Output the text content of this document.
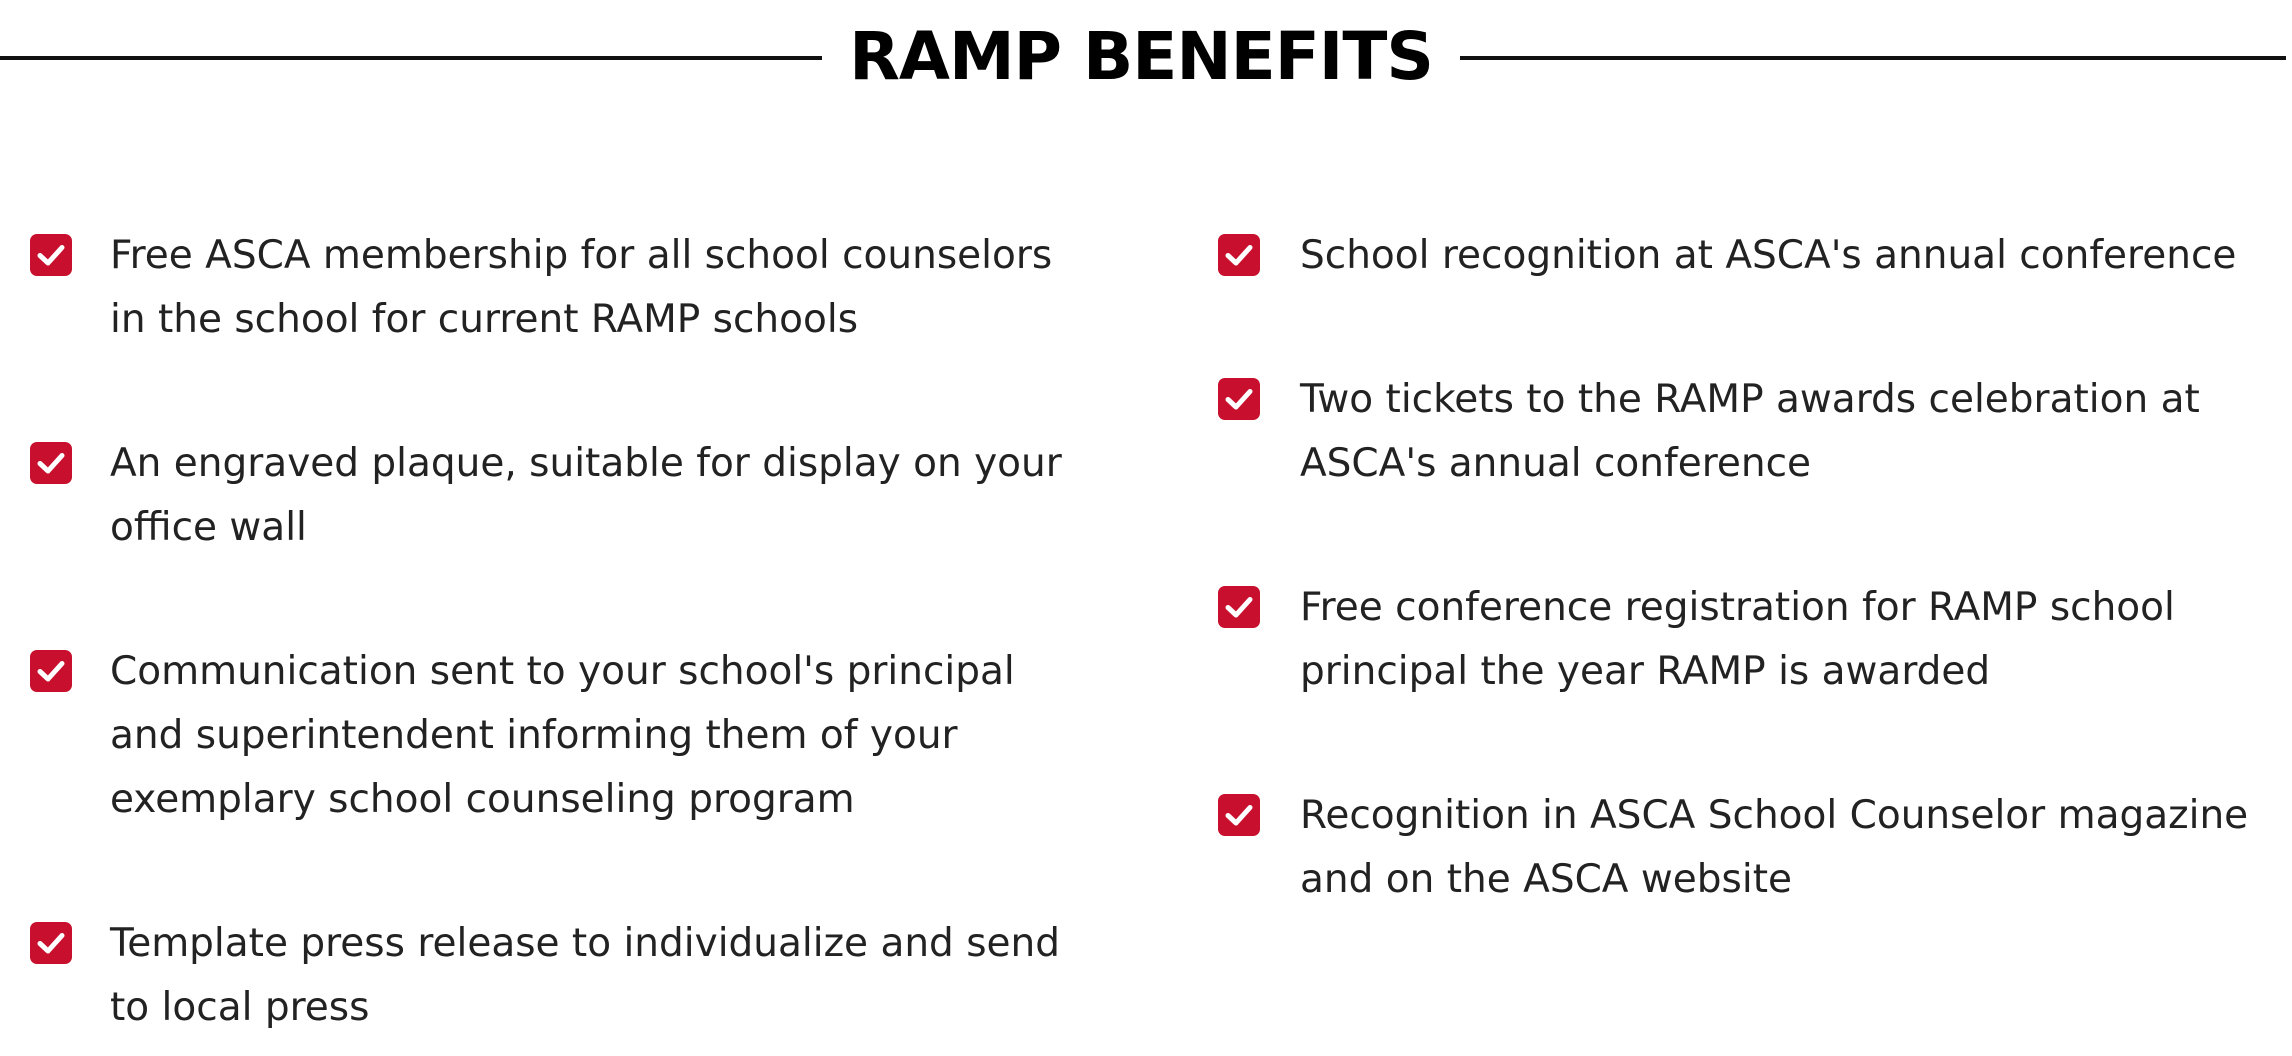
RAMP BENEFITS

Free ASCA membership for all school counselors in the school for current RAMP schools

An engraved plaque, suitable for display on your office wall

Communication sent to your school's principal and superintendent informing them of your exemplary school counseling program

Template press release to individualize and send to local press

School recognition at ASCA's annual conference

Two tickets to the RAMP awards celebration at ASCA's annual conference

Free conference registration for RAMP school principal the year RAMP is awarded

Recognition in ASCA School Counselor magazine and on the ASCA website
